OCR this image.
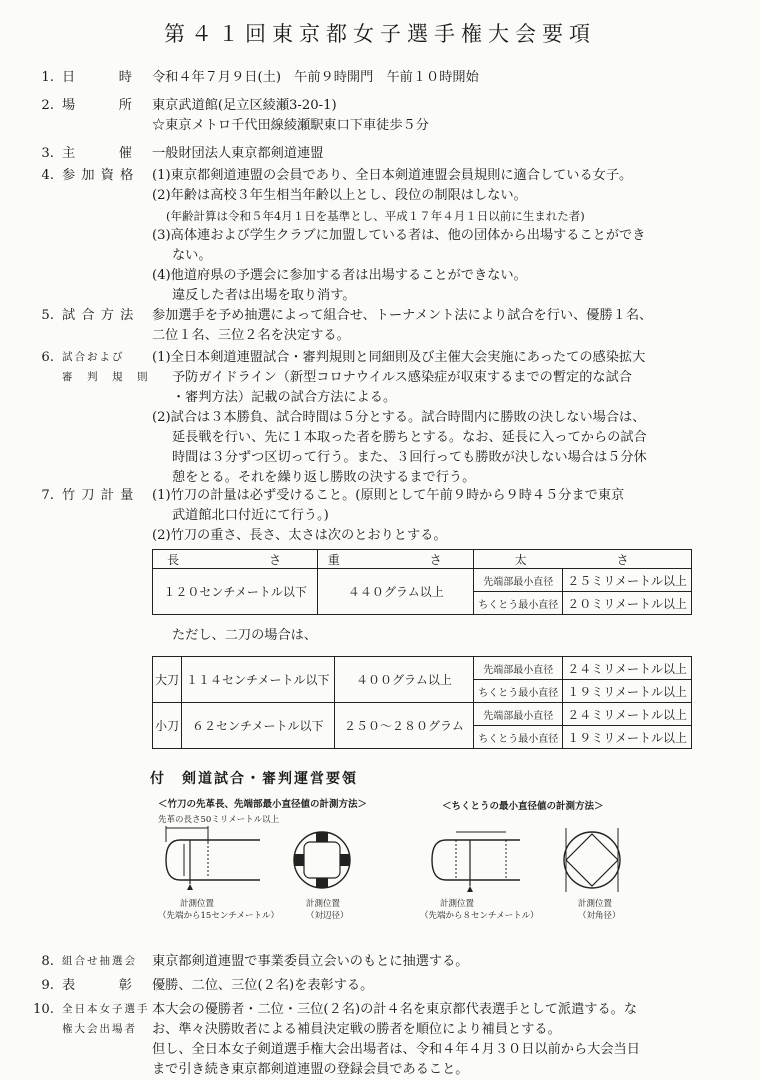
第４１回東京都女子選手権大会要項
1. 日　　　時	令和４年７月９日(土)　午前９時開門　午前１０時開始
2. 場　　　所	東京武道館(足立区綾瀬3-20-1)
☆東京メトロ千代田線綾瀬駅東口下車徒歩５分
3. 主　　　催	一般財団法人東京都剣道連盟
4. 参 加 資 格	(1)東京都剣道連盟の会員であり、全日本剣道連盟会員規則に適合している女子。
(2)年齢は高校３年生相当年齢以上とし、段位の制限はしない。
(年齢計算は令和５年4月１日を基準とし、平成１７年４月１日以前に生まれた者)
(3)高体連および学生クラブに加盟している者は、他の団体から出場することができ
ない。
(4)他道府県の予選会に参加する者は出場することができない。
違反した者は出場を取り消す。
5. 試 合 方 法	参加選手を予め抽選によって組合せ、トーナメント法により試合を行い、優勝１名、
二位１名、三位２名を決定する。
6. 試合および
審　判　規　則
(1)全日本剣道連盟試合・審判規則と同細則及び主催大会実施にあったての感染拡大
予防ガイドライン（新型コロナウイルス感染症が収束するまでの暫定的な試合
・審判方法）記載の試合方法による。
(2)試合は３本勝負、試合時間は５分とする。試合時間内に勝敗の決しない場合は、
延長戦を行い、先に１本取った者を勝ちとする。なお、延長に入ってからの試合
時間は３分ずつ区切って行う。また、３回行っても勝敗が決しない場合は５分休
憩をとる。それを繰り返し勝敗の決するまで行う。
7. 竹 刀 計 量	(1)竹刀の計量は必ず受けること。(原則として午前９時から９時４５分まで東京
武道館北口付近にて行う。)
(2)竹刀の重さ、長さ、太さは次のとおりとする。
長　　さ	重　　さ	太　　さ	
１２０センチメートル以下	４４０グラム以上	先端部最小直径	２５ミリメートル以上
		ちくとう最小直径	２０ミリメートル以上
ただし、二刀の場合は、
大刀	１１４センチメートル以下	４００グラム以上	先端部最小直径	２４ミリメートル以上
			ちくとう最小直径	１９ミリメートル以上
小刀	６２センチメートル以下	２５０～２８０グラム	先端部最小直径	２４ミリメートル以上
			ちくとう最小直径	１９ミリメートル以上
付　剣道試合・審判運営要領
＜竹刀の先革長、先端部最小直径値の計測方法＞
先革の長さ50ミリメートル以上
計測位置
（先端から15センチメートル）
計測位置
（対辺径）
＜ちくとうの最小直径値の計測方法＞
計測位置
（先端から８センチメートル）
計測位置
（対角径）
8. 組合せ抽選会	東京都剣道連盟で事業委員立会いのもとに抽選する。
9. 表　　　彰	優勝、二位、三位(２名)を表彰する。
10. 全日本女子選手
権大会出場者
本大会の優勝者・二位・三位(２名)の計４名を東京都代表選手として派遣する。な
お、準々決勝敗者による補員決定戦の勝者を順位により補員とする。
但し、全日本女子剣道選手権大会出場者は、令和４年４月３０日以前から大会当日
まで引き続き東京都剣道連盟の登録会員であること。
